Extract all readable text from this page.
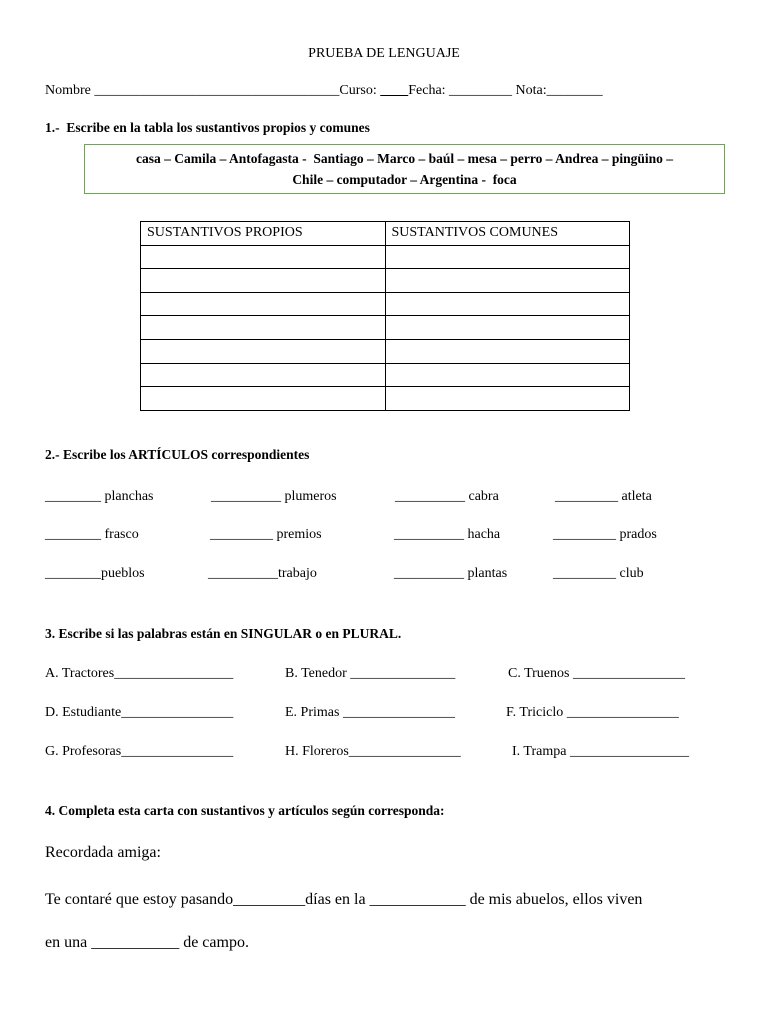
PRUEBA DE LENGUAJE
Nombre ___________________________________Curso:         Fecha: _________ Nota:________
1.-  Escribe en la tabla los sustantivos propios y comunes
casa – Camila – Antofagasta -  Santiago – Marco – baúl – mesa – perro – Andrea – pingüino –
Chile – computador – Argentina -  foca
SUSTANTIVOS PROPIOS	SUSTANTIVOS COMUNES

2.- Escribe los ARTÍCULOS correspondientes
________ planchas	__________ plumeros	__________ cabra	_________ atleta
________ frasco	_________ premios	__________ hacha	_________ prados
________pueblos	__________trabajo	__________ plantas	_________ club
3. Escribe si las palabras están en SINGULAR o en PLURAL.
A. Tractores_________________	B. Tenedor _______________	C. Truenos ________________
D. Estudiante________________	E. Primas ________________	F. Triciclo ________________
G. Profesoras________________	H. Floreros________________	I. Trampa _________________
4. Completa esta carta con sustantivos y artículos según corresponda:
Recordada amiga:
Te contaré que estoy pasando_________días en la ____________ de mis abuelos, ellos viven
en una ___________ de campo.
